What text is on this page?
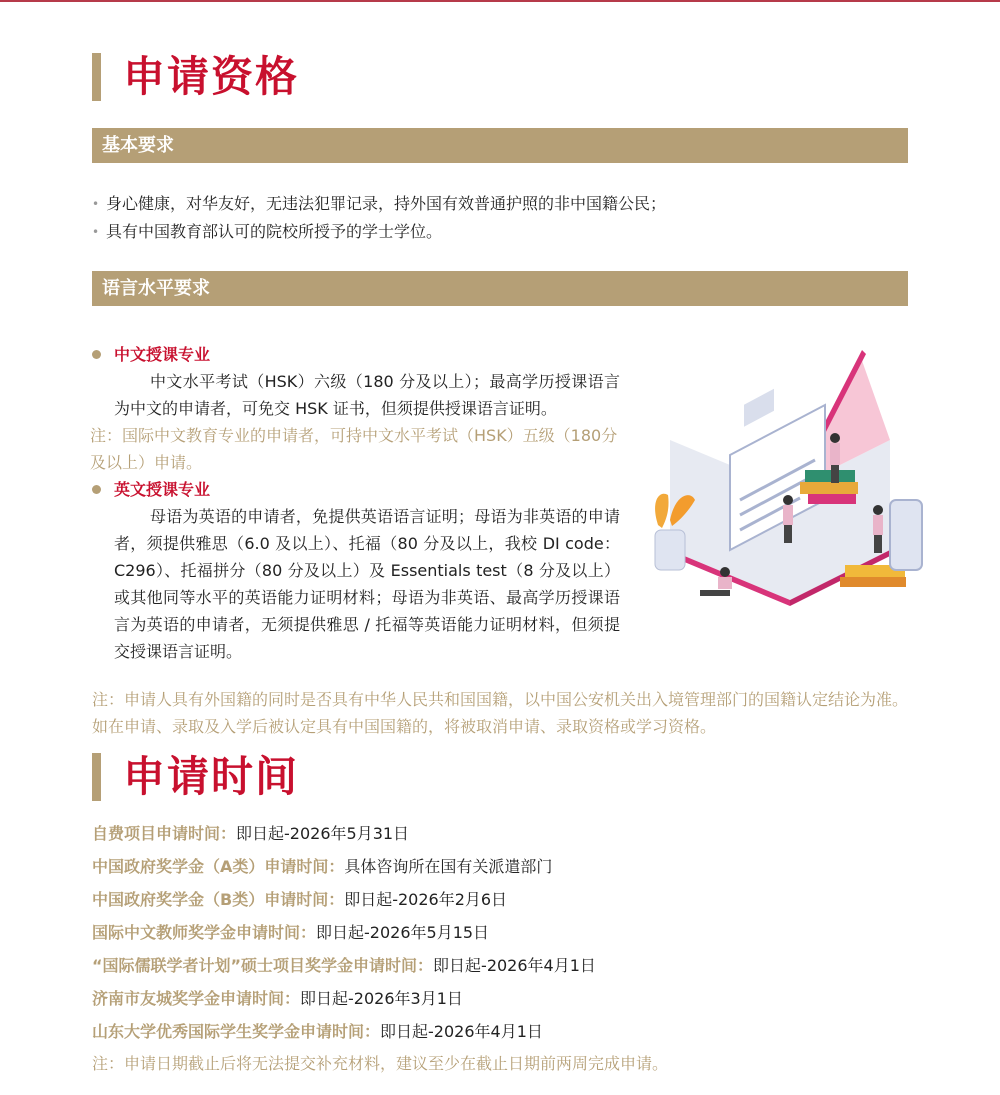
申请资格
基本要求
• 身心健康，对华友好，无违法犯罪记录，持外国有效普通护照的非中国籍公民；
• 具有中国教育部认可的院校所授予的学士学位。
语言水平要求
中文授课专业
中文水平考试（HSK）六级（180 分及以上）；最高学历授课语言为中文的申请者，可免交 HSK 证书，但须提供授课语言证明。
注：国际中文教育专业的申请者，可持中文水平考试（HSK）五级（180分及以上）申请。
英文授课专业
母语为英语的申请者，免提供英语语言证明；母语为非英语的申请者，须提供雅思（6.0 及以上）、托福（80 分及以上，我校 DI code：C296）、托福拼分（80 分及以上）及 Essentials test（8 分及以上）或其他同等水平的英语能力证明材料；母语为非英语、最高学历授课语言为英语的申请者，无须提供雅思 / 托福等英语能力证明材料，但须提交授课语言证明。
注：申请人具有外国籍的同时是否具有中华人民共和国国籍，以中国公安机关出入境管理部门的国籍认定结论为准。如在申请、录取及入学后被认定具有中国国籍的，将被取消申请、录取资格或学习资格。
申请时间
自费项目申请时间：即日起-2026年5月31日
中国政府奖学金（A类）申请时间：具体咨询所在国有关派遣部门
中国政府奖学金（B类）申请时间：即日起-2026年2月6日
国际中文教师奖学金申请时间：即日起-2026年5月15日
“国际儒联学者计划”硕士项目奖学金申请时间：即日起-2026年4月1日
济南市友城奖学金申请时间：即日起-2026年3月1日
山东大学优秀国际学生奖学金申请时间：即日起-2026年4月1日
注：申请日期截止后将无法提交补充材料，建议至少在截止日期前两周完成申请。
